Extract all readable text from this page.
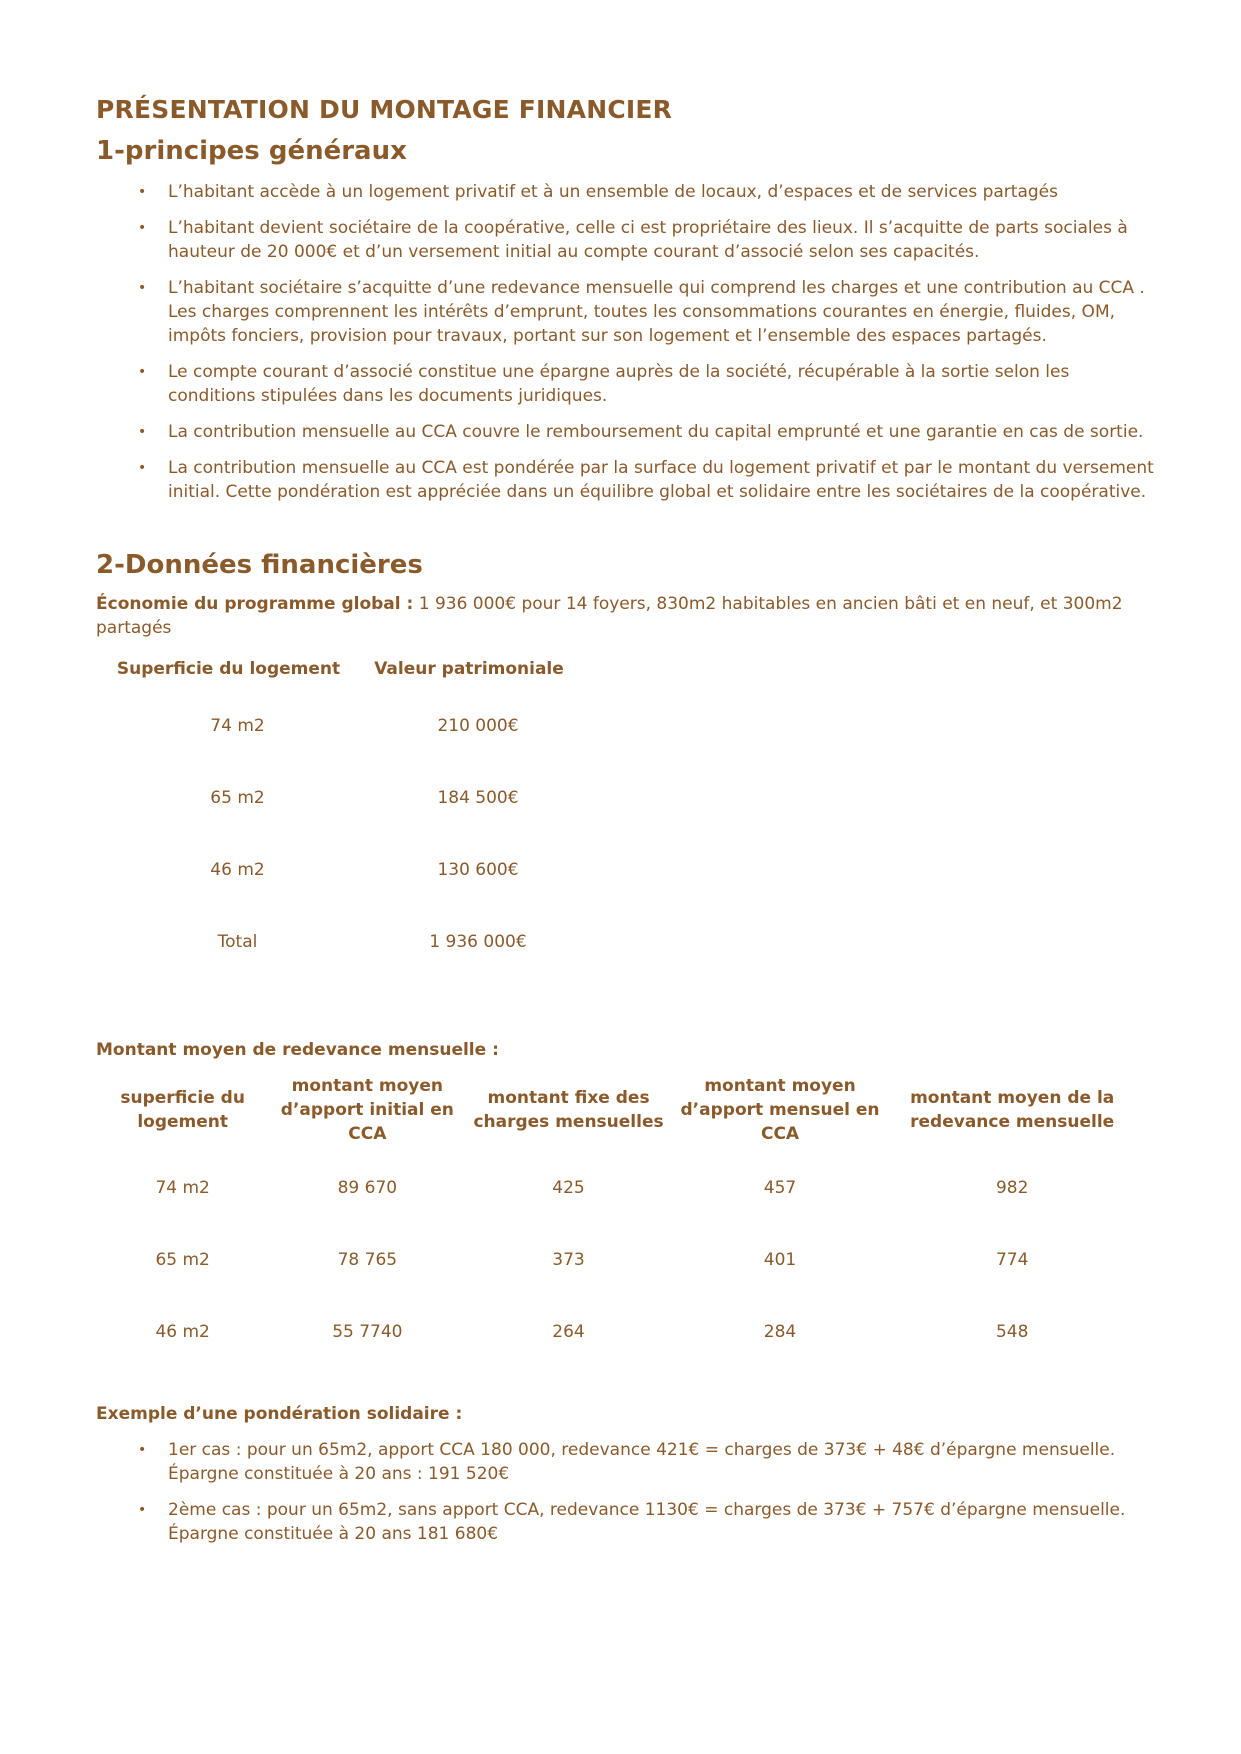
PRÉSENTATION DU MONTAGE FINANCIER
1-principes généraux
• L’habitant accède à un logement privatif et à un ensemble de locaux, d’espaces et de services partagés
• L’habitant devient sociétaire de la coopérative, celle ci est propriétaire des lieux. Il s’acquitte de parts sociales à hauteur de 20 000€ et d’un versement initial au compte courant d’associé selon ses capacités.
• L’habitant sociétaire s’acquitte d’une redevance mensuelle qui comprend les charges et une contribution au CCA .
Les charges comprennent les intérêts d’emprunt, toutes les consommations courantes en énergie, fluides, OM, impôts fonciers, provision pour travaux, portant sur son logement et l’ensemble des espaces partagés.
• Le compte courant d’associé constitue une épargne auprès de la société, récupérable à la sortie selon les conditions stipulées dans les documents juridiques.
• La contribution mensuelle au CCA couvre le remboursement du capital emprunté et une garantie en cas de sortie.
• La contribution mensuelle au CCA est pondérée par la surface du logement privatif et par le montant du versement initial. Cette pondération est appréciée dans un équilibre global et solidaire entre les sociétaires de la coopérative.
2-Données financières
Économie du programme global : 1 936 000€ pour 14 foyers, 830m2 habitables en ancien bâti et en neuf, et 300m2 partagés
Superficie du logement	Valeur patrimoniale
74 m2	210 000€
65 m2	184 500€
46 m2	130 600€
Total	1 936 000€
Montant moyen de redevance mensuelle :
superficie du logement	montant moyen d’apport initial en CCA	montant fixe des charges mensuelles	montant moyen d’apport mensuel en CCA	montant moyen de la redevance mensuelle
74 m2	89 670	425	457	982
65 m2	78 765	373	401	774
46 m2	55 7740	264	284	548
Exemple d’une pondération solidaire :
• 1er cas : pour un 65m2, apport CCA 180 000, redevance 421€ = charges de 373€ + 48€ d’épargne mensuelle. Épargne constituée à 20 ans : 191 520€
• 2ème cas : pour un 65m2, sans apport CCA, redevance 1130€ = charges de 373€ + 757€ d’épargne mensuelle. Épargne constituée à 20 ans 181 680€
